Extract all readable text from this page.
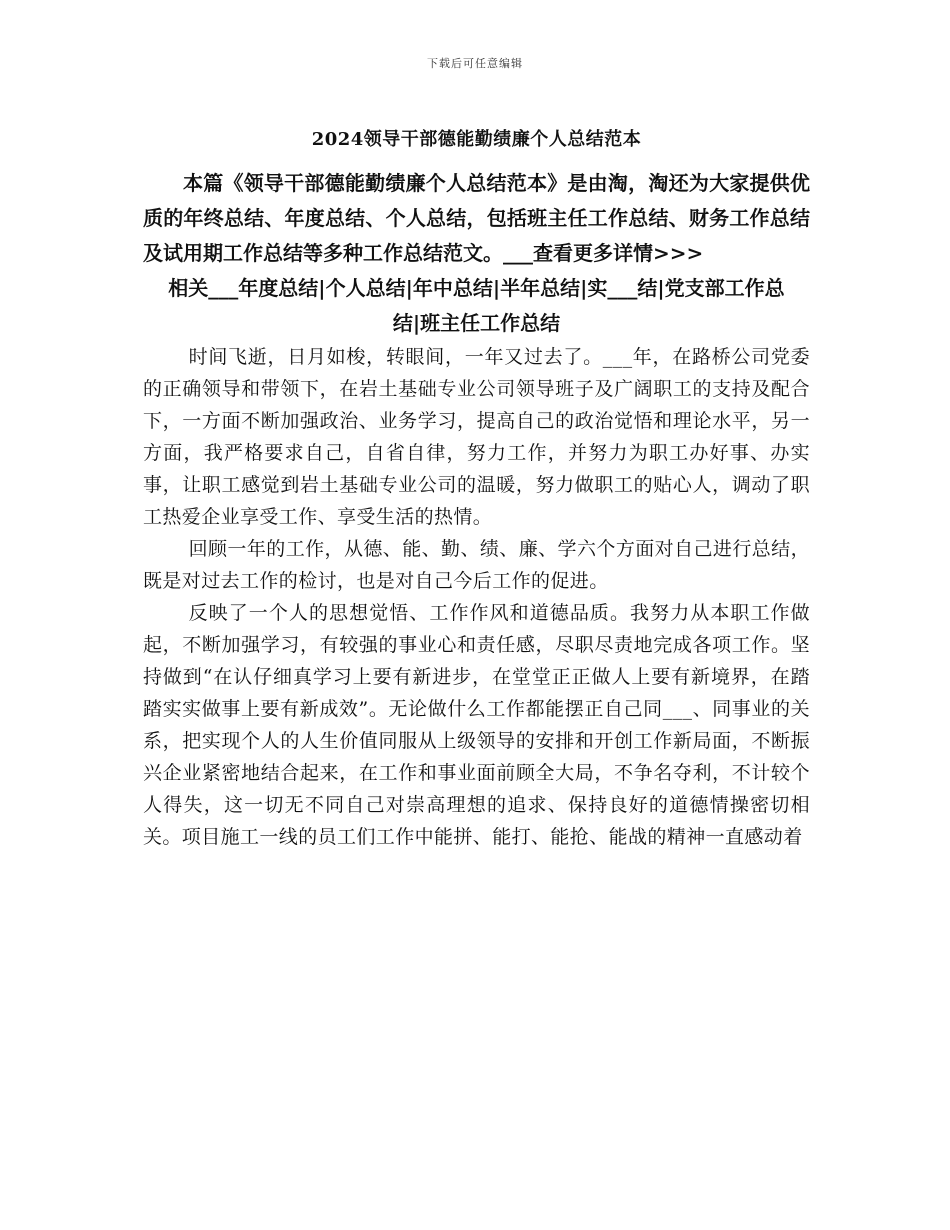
下载后可任意编辑
2024领导干部德能勤绩廉个人总结范本

本篇《领导干部德能勤绩廉个人总结范本》是由淘，淘还为大家提供优质的年终总结、年度总结、个人总结，包括班主任工作总结、财务工作总结及试用期工作总结等多种工作总结范文。___查看更多详情>>>

相关___年度总结|个人总结|年中总结|半年总结|实___结|党支部工作总结|班主任工作总结

时间飞逝，日月如梭，转眼间，一年又过去了。___年，在路桥公司党委的正确领导和带领下，在岩土基础专业公司领导班子及广阔职工的支持及配合下，一方面不断加强政治、业务学习，提高自己的政治觉悟和理论水平，另一方面，我严格要求自己，自省自律，努力工作，并努力为职工办好事、办实事，让职工感觉到岩土基础专业公司的温暖，努力做职工的贴心人，调动了职工热爱企业享受工作、享受生活的热情。

回顾一年的工作，从德、能、勤、绩、廉、学六个方面对自己进行总结，既是对过去工作的检讨，也是对自己今后工作的促进。

反映了一个人的思想觉悟、工作作风和道德品质。我努力从本职工作做起，不断加强学习，有较强的事业心和责任感，尽职尽责地完成各项工作。坚持做到“在认仔细真学习上要有新进步，在堂堂正正做人上要有新境界，在踏踏实实做事上要有新成效”。无论做什么工作都能摆正自己同___、同事业的关系，把实现个人的人生价值同服从上级领导的安排和开创工作新局面，不断振兴企业紧密地结合起来，在工作和事业面前顾全大局，不争名夺利，不计较个人得失，这一切无不同自己对崇高理想的追求、保持良好的道德情操密切相关。项目施工一线的员工们工作中能拼、能打、能抢、能战的精神一直感动着
